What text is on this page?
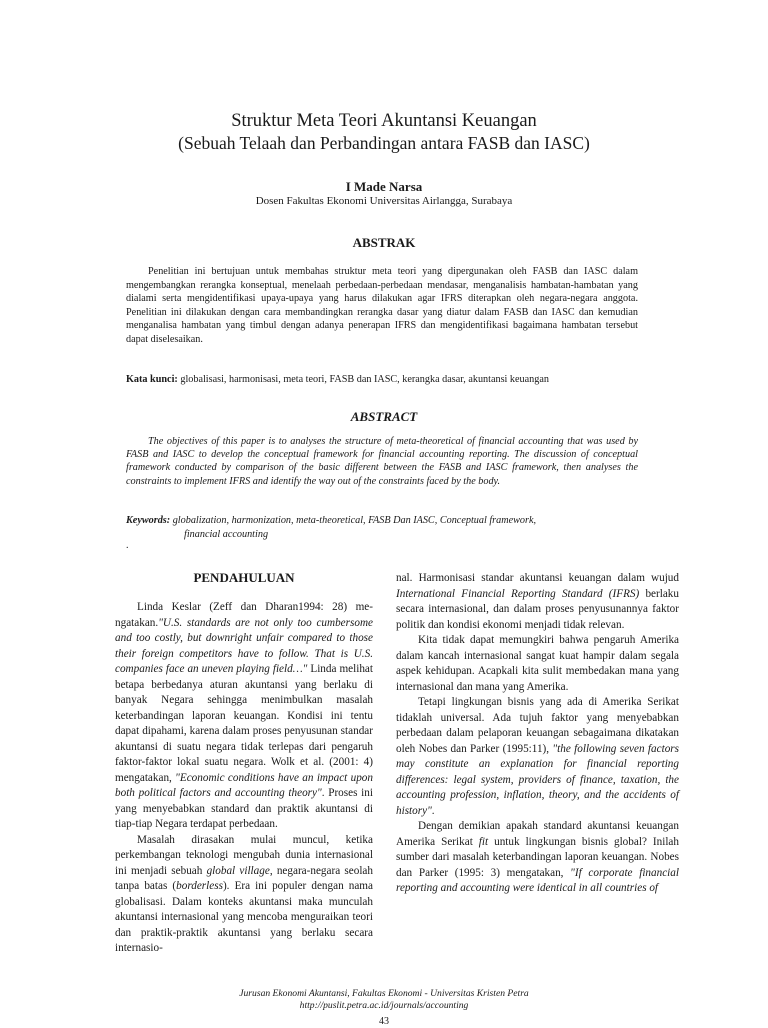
Struktur Meta Teori Akuntansi Keuangan
(Sebuah Telaah dan Perbandingan antara FASB dan IASC)
I Made Narsa
Dosen Fakultas Ekonomi Universitas Airlangga, Surabaya
ABSTRAK

Penelitian ini bertujuan untuk membahas struktur meta teori yang dipergunakan oleh FASB dan IASC dalam mengembangkan rerangka konseptual, menelaah perbedaan-perbedaan mendasar, menganalisis hambatan-hambatan yang dialami serta mengidentifikasi upaya-upaya yang harus dilakukan agar IFRS diterapkan oleh negara-negara anggota. Penelitian ini dilakukan dengan cara membandingkan rerangka dasar yang diatur dalam FASB dan IASC dan kemudian menganalisa hambatan yang timbul dengan adanya penerapan IFRS dan mengidentifikasi bagaimana hambatan tersebut dapat diselesaikan.

Kata kunci: globalisasi, harmonisasi, meta teori, FASB dan IASC, kerangka dasar, akuntansi keuangan
ABSTRACT

The objectives of this paper is to analyses the structure of meta-theoretical of financial accounting that was used by FASB and IASC to develop the conceptual framework for financial accounting reporting. The discussion of conceptual framework conducted by comparison of the basic different between the FASB and IASC framework, then analyses the constraints to implement IFRS and identify the way out of the constraints faced by the body.

Keywords: globalization, harmonization, meta-theoretical, FASB Dan IASC, Conceptual framework,
financial accounting
.

PENDAHULUAN

Linda Keslar (Zeff dan Dharan1994: 28) me-ngatakan."U.S. standards are not only too cumbersome and too costly, but downright unfair compared to those their foreign competitors have to follow. That is U.S. companies face an uneven playing field…" Linda melihat betapa berbedanya aturan akuntansi yang berlaku di banyak Negara sehingga menimbulkan masalah keterbandingan laporan keuangan. Kondisi ini tentu dapat dipahami, karena dalam proses penyusunan standar akuntansi di suatu negara tidak terlepas dari pengaruh faktor-faktor lokal suatu negara. Wolk et al. (2001: 4) mengatakan, "Economic conditions have an impact upon both political factors and accounting theory". Proses ini yang menyebabkan standard dan praktik akuntansi di tiap-tiap Negara terdapat perbedaan.

Masalah dirasakan mulai muncul, ketika perkembangan teknologi mengubah dunia internasional ini menjadi sebuah global village, negara-negara seolah tanpa batas (borderless). Era ini populer dengan nama globalisasi. Dalam konteks akuntansi maka munculah akuntansi internasional yang mencoba menguraikan teori dan praktik-praktik akuntansi yang berlaku secara internasio-

nal. Harmonisasi standar akuntansi keuangan dalam wujud International Financial Reporting Standard (IFRS) berlaku secara internasional, dan dalam proses penyusunannya faktor politik dan kondisi ekonomi menjadi tidak relevan.

Kita tidak dapat memungkiri bahwa pengaruh Amerika dalam kancah internasional sangat kuat hampir dalam segala aspek kehidupan. Acapkali kita sulit membedakan mana yang internasional dan mana yang Amerika.

Tetapi lingkungan bisnis yang ada di Amerika Serikat tidaklah universal. Ada tujuh faktor yang menyebabkan perbedaan dalam pelaporan keuangan sebagaimana dikatakan oleh Nobes dan Parker (1995:11), "the following seven factors may constitute an explanation for financial reporting differences: legal system, providers of finance, taxation, the accounting profession, inflation, theory, and the accidents of history".

Dengan demikian apakah standard akuntansi keuangan Amerika Serikat fit untuk lingkungan bisnis global? Inilah sumber dari masalah keterbandingan laporan keuangan. Nobes dan Parker (1995: 3) mengatakan, "If corporate financial reporting and accounting were identical in all countries of

Jurusan Ekonomi Akuntansi, Fakultas Ekonomi - Universitas Kristen Petra
http://puslit.petra.ac.id/journals/accounting
43
